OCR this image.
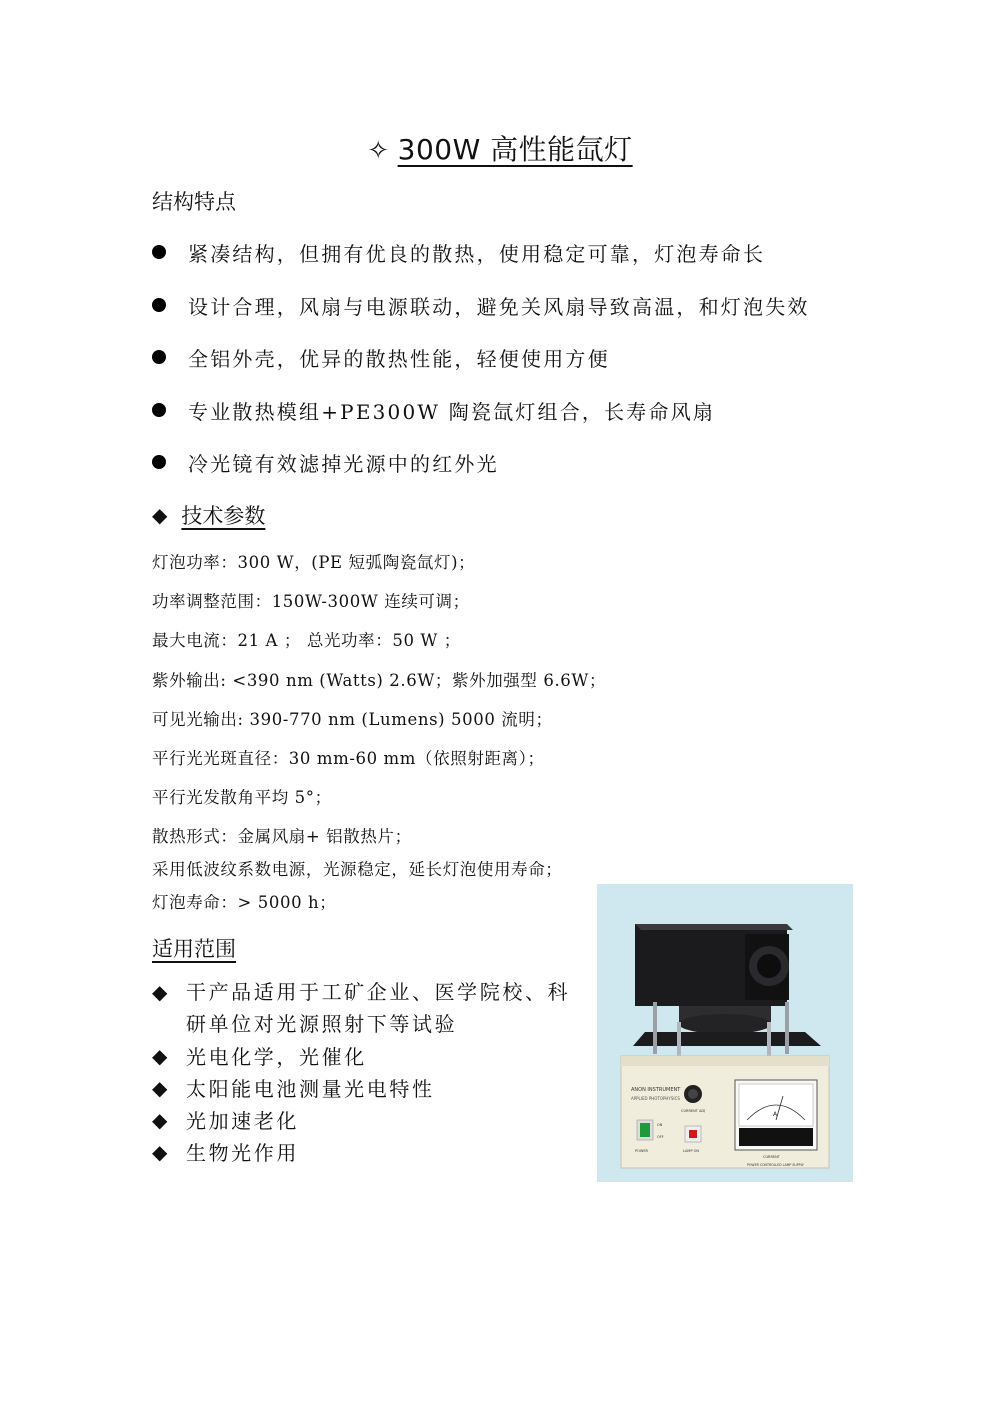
✧ 300W 高性能氙灯
结构特点
紧凑结构，但拥有优良的散热，使用稳定可靠，灯泡寿命长
设计合理，风扇与电源联动，避免关风扇导致高温，和灯泡失效
全铝外壳，优异的散热性能，轻便使用方便
专业散热模组+PE300W 陶瓷氙灯组合，长寿命风扇
冷光镜有效滤掉光源中的红外光
◆ 技术参数
灯泡功率：300 W，(PE 短弧陶瓷氙灯)；
功率调整范围：150W-300W 连续可调；
最大电流：21 A ； 总光功率：50 W ；
紫外输出: <390 nm (Watts) 2.6W；紫外加强型 6.6W；
可见光输出: 390-770 nm (Lumens) 5000 流明；
平行光光斑直径：30 mm-60 mm（依照射距离）；
平行光发散角平均 5°；
散热形式：金属风扇+ 铝散热片；
采用低波纹系数电源，光源稳定，延长灯泡使用寿命；
灯泡寿命：> 5000 h；
适用范围
◆ 干产品适用于工矿企业、医学院校、科研单位对光源照射下等试验
◆ 光电化学，光催化
◆ 太阳能电池测量光电特性
◆ 光加速老化
◆ 生物光作用
ANON INSTRUMENT
APPLIED PHOTOPHYSICS
ON
OFF
POWER
CURRENT ADJ
LAMP ON
A
CURRENT
POWER CONTROLLED LAMP SUPPLY
